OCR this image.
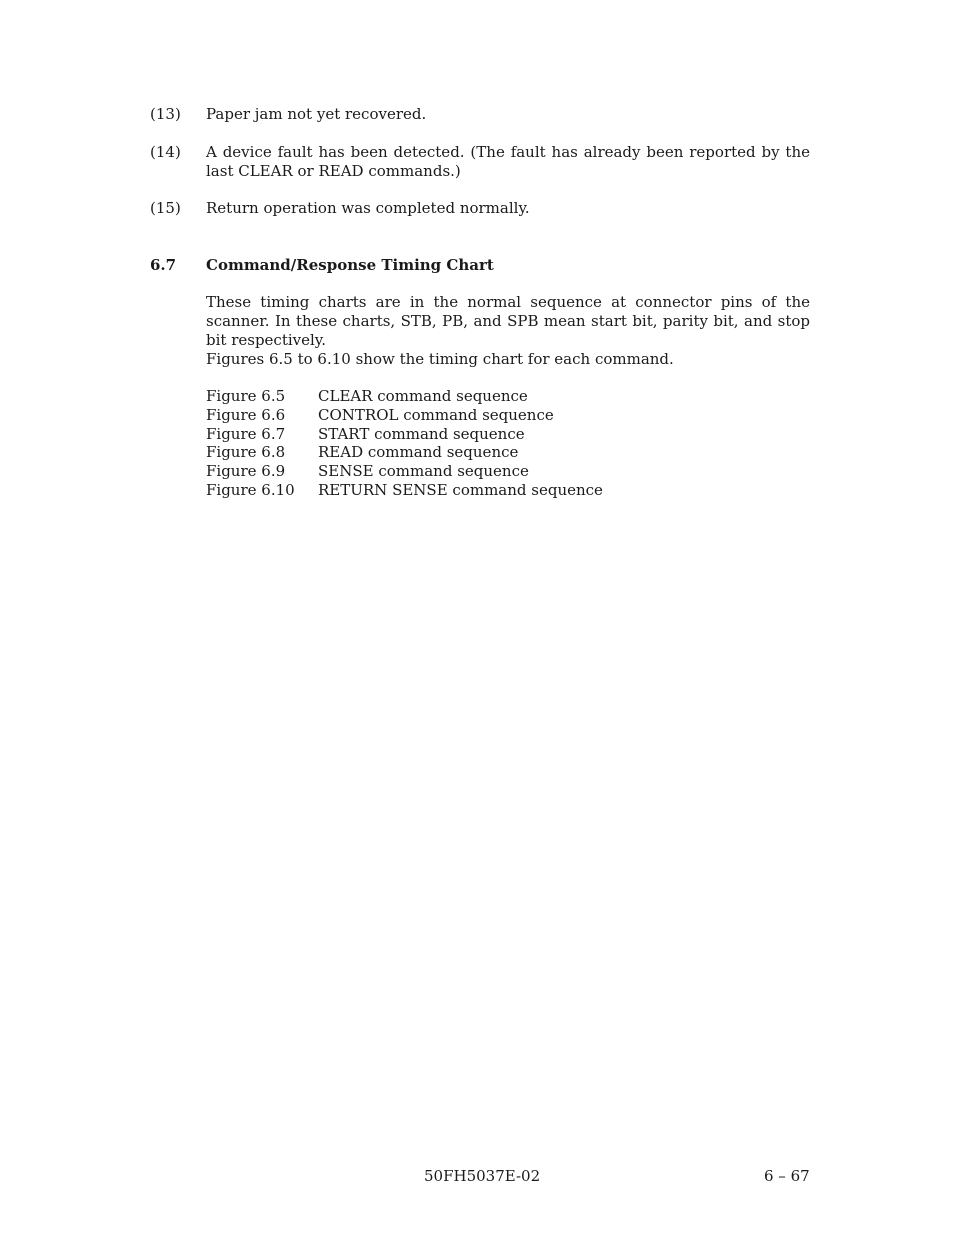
(13) Paper jam not yet recovered.
(14) A device fault has been detected. (The fault has already been reported by the last CLEAR or READ commands.)
(15) Return operation was completed normally.
6.7 Command/Response Timing Chart
These timing charts are in the normal sequence at connector pins of the scanner. In these charts, STB, PB, and SPB mean start bit, parity bit, and stop bit respectively.
Figures 6.5 to 6.10 show the timing chart for each command.
Figure 6.5 CLEAR command sequence
Figure 6.6 CONTROL command sequence
Figure 6.7 START command sequence
Figure 6.8 READ command sequence
Figure 6.9 SENSE command sequence
Figure 6.10 RETURN SENSE command sequence
50FH5037E-02	6 – 67
